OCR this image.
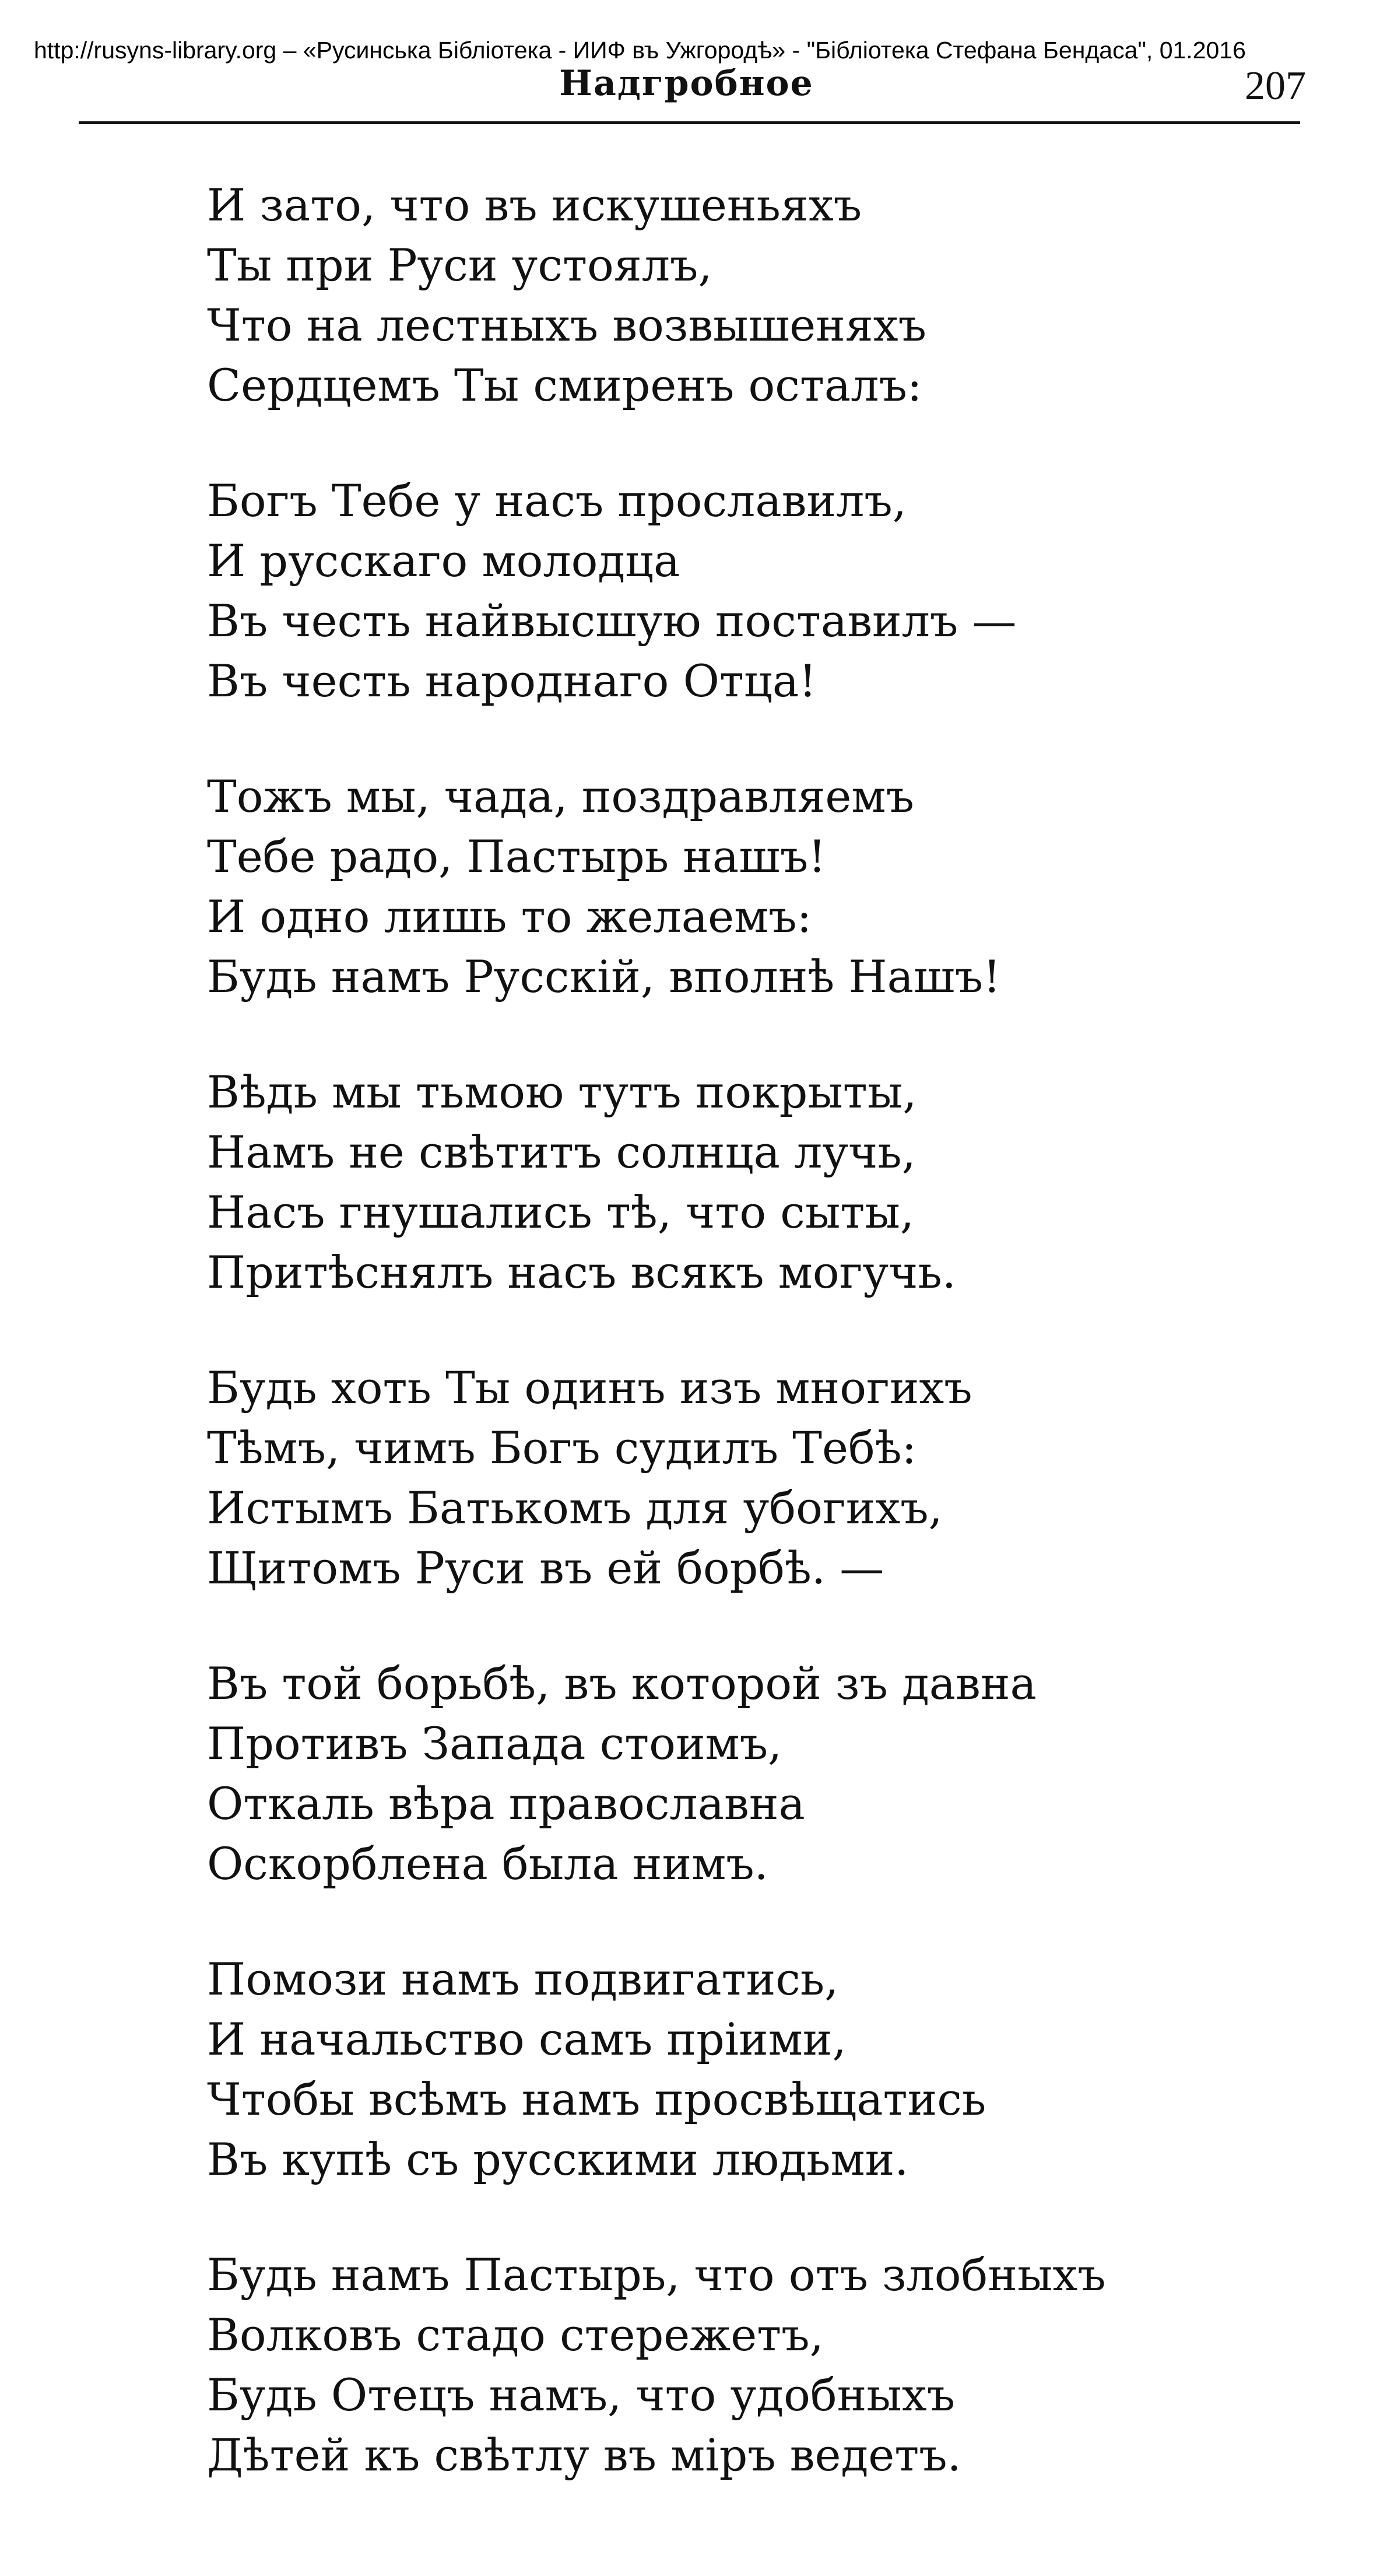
http://rusyns-library.org – «Русинська Бібліотека - ИИФ въ Ужгородѣ» - "Бібліотека Стефана Бендаса", 01.2016
Надгробное	207
И зато, что въ искушеньяхъ
Ты при Руси устоялъ,
Что на лестныхъ возвышеняхъ
Сердцемъ Ты смиренъ осталъ:
Богъ Тебе у насъ прославилъ,
И русскаго молодца
Въ честь найвысшую поставилъ —
Въ честь народнаго Отца!
Тожъ мы, чада, поздравляемъ
Тебе радо, Пастырь нашъ!
И одно лишь то желаемъ:
Будь намъ Русскій, вполнѣ Нашъ!
Вѣдь мы тьмою тутъ покрыты,
Намъ не свѣтитъ солнца лучь,
Насъ гнушались тѣ, что сыты,
Притѣснялъ насъ всякъ могучь.
Будь хоть Ты одинъ изъ многихъ
Тѣмъ, чимъ Богъ судилъ Тебѣ:
Истымъ Батькомъ для убогихъ,
Щитомъ Руси въ ей борбѣ. —
Въ той борьбѣ, въ которой зъ давна
Противъ Запада стоимъ,
Откаль вѣра православна
Оскорблена была нимъ.
Помози намъ подвигатись,
И начальство самъ пріими,
Чтобы всѣмъ намъ просвѣщатись
Въ купѣ съ русскими людьми.
Будь намъ Пастырь, что отъ злобныхъ
Волковъ стадо стережетъ,
Будь Отецъ намъ, что удобныхъ
Дѣтей къ свѣтлу въ міръ ведетъ.
